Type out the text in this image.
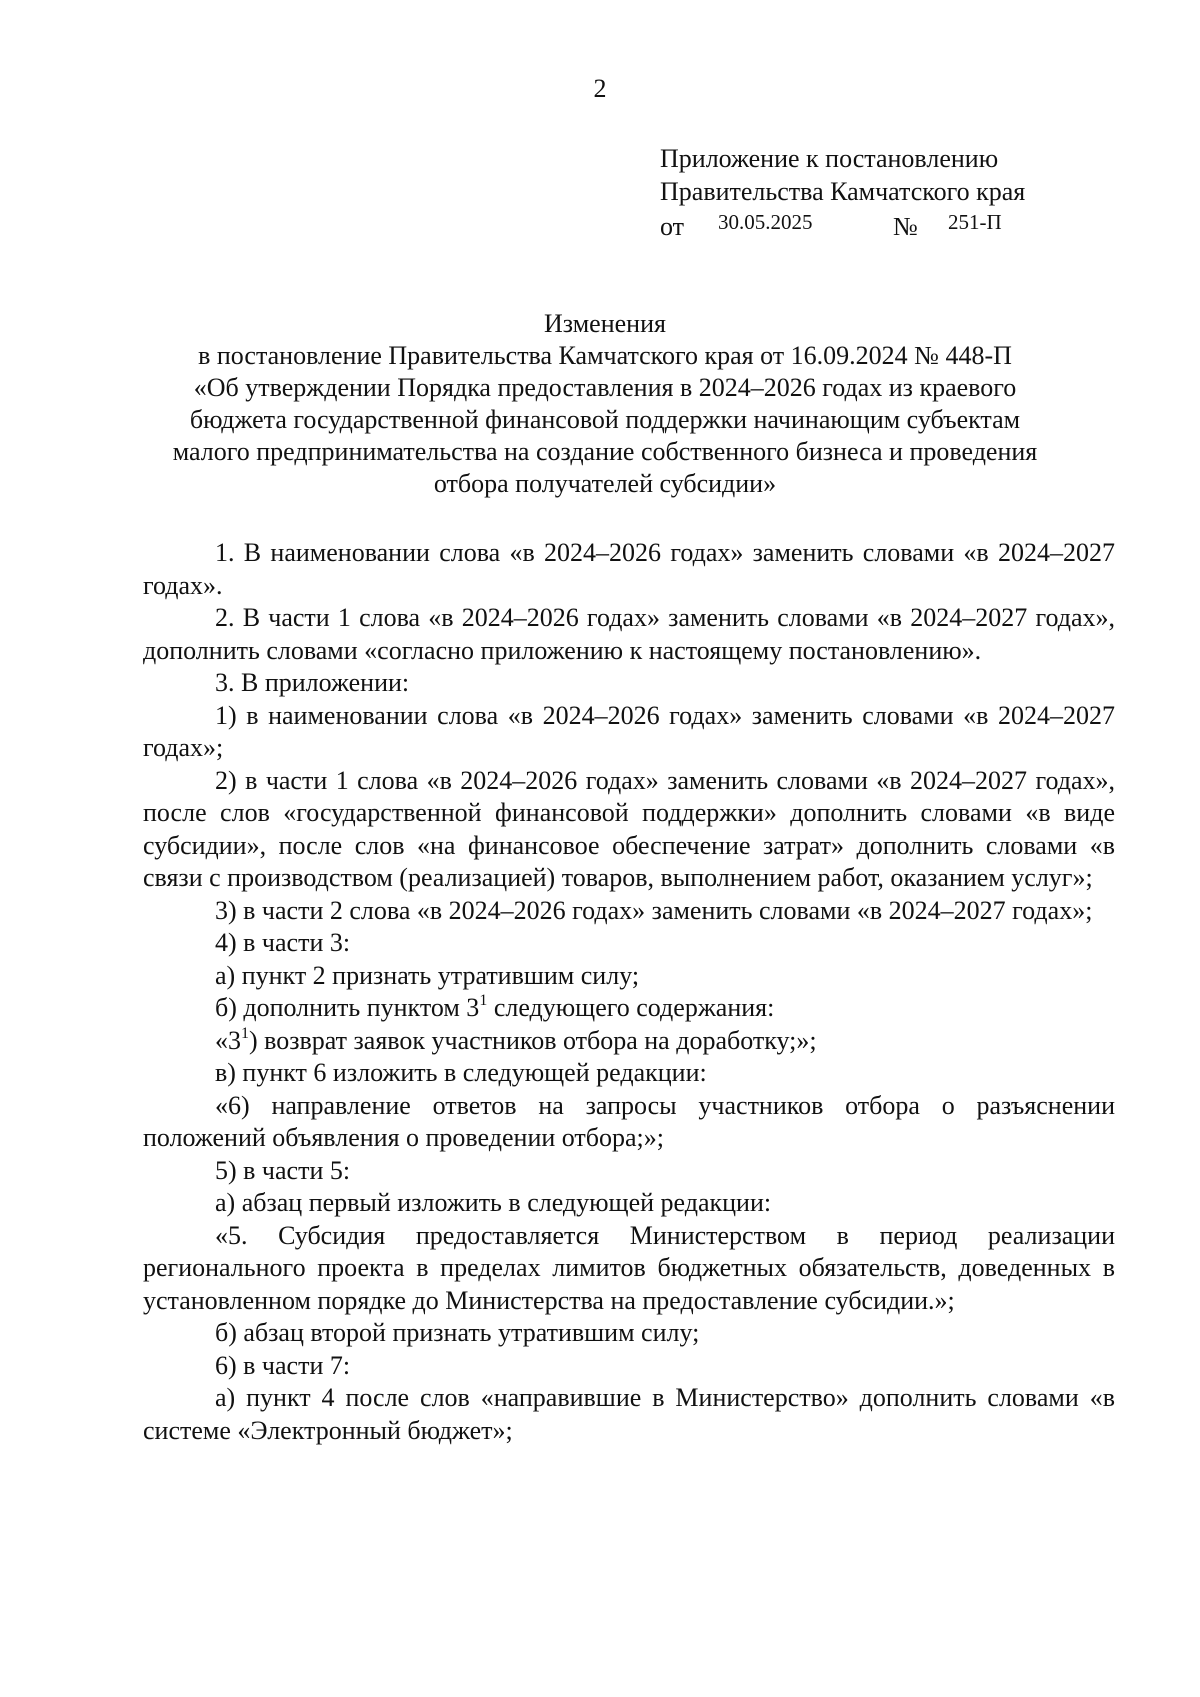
2
Приложение к постановлению
Правительства Камчатского края
от 30.05.2025	№ 251-П
Изменения
в постановление Правительства Камчатского края от 16.09.2024 № 448-П
«Об утверждении Порядка предоставления в 2024–2026 годах из краевого
бюджета государственной финансовой поддержки начинающим субъектам
малого предпринимательства на создание собственного бизнеса и проведения
отбора получателей субсидии»

1. В наименовании слова «в 2024–2026 годах» заменить словами «в 2024–2027 годах».

2. В части 1 слова «в 2024–2026 годах» заменить словами «в 2024–2027 годах», дополнить словами «согласно приложению к настоящему постановлению».

3. В приложении:

1) в наименовании слова «в 2024–2026 годах» заменить словами «в 2024–2027 годах»;

2) в части 1 слова «в 2024–2026 годах» заменить словами «в 2024–2027 годах», после слов «государственной финансовой поддержки» дополнить словами «в виде субсидии», после слов «на финансовое обеспечение затрат» дополнить словами «в связи с производством (реализацией) товаров, выполнением работ, оказанием услуг»;

3) в части 2 слова «в 2024–2026 годах» заменить словами «в 2024–2027 годах»;

4) в части 3:

а) пункт 2 признать утратившим силу;

б) дополнить пунктом $3^1$ следующего содержания:

«$3^1$) возврат заявок участников отбора на доработку;»;

в) пункт 6 изложить в следующей редакции:

«6) направление ответов на запросы участников отбора о разъяснении положений объявления о проведении отбора;»;

5) в части 5:

а) абзац первый изложить в следующей редакции:

«5. Субсидия предоставляется Министерством в период реализации регионального проекта в пределах лимитов бюджетных обязательств, доведенных в установленном порядке до Министерства на предоставление субсидии.»;

б) абзац второй признать утратившим силу;

6) в части 7:

а) пункт 4 после слов «направившие в Министерство» дополнить словами «в системе «Электронный бюджет»;
